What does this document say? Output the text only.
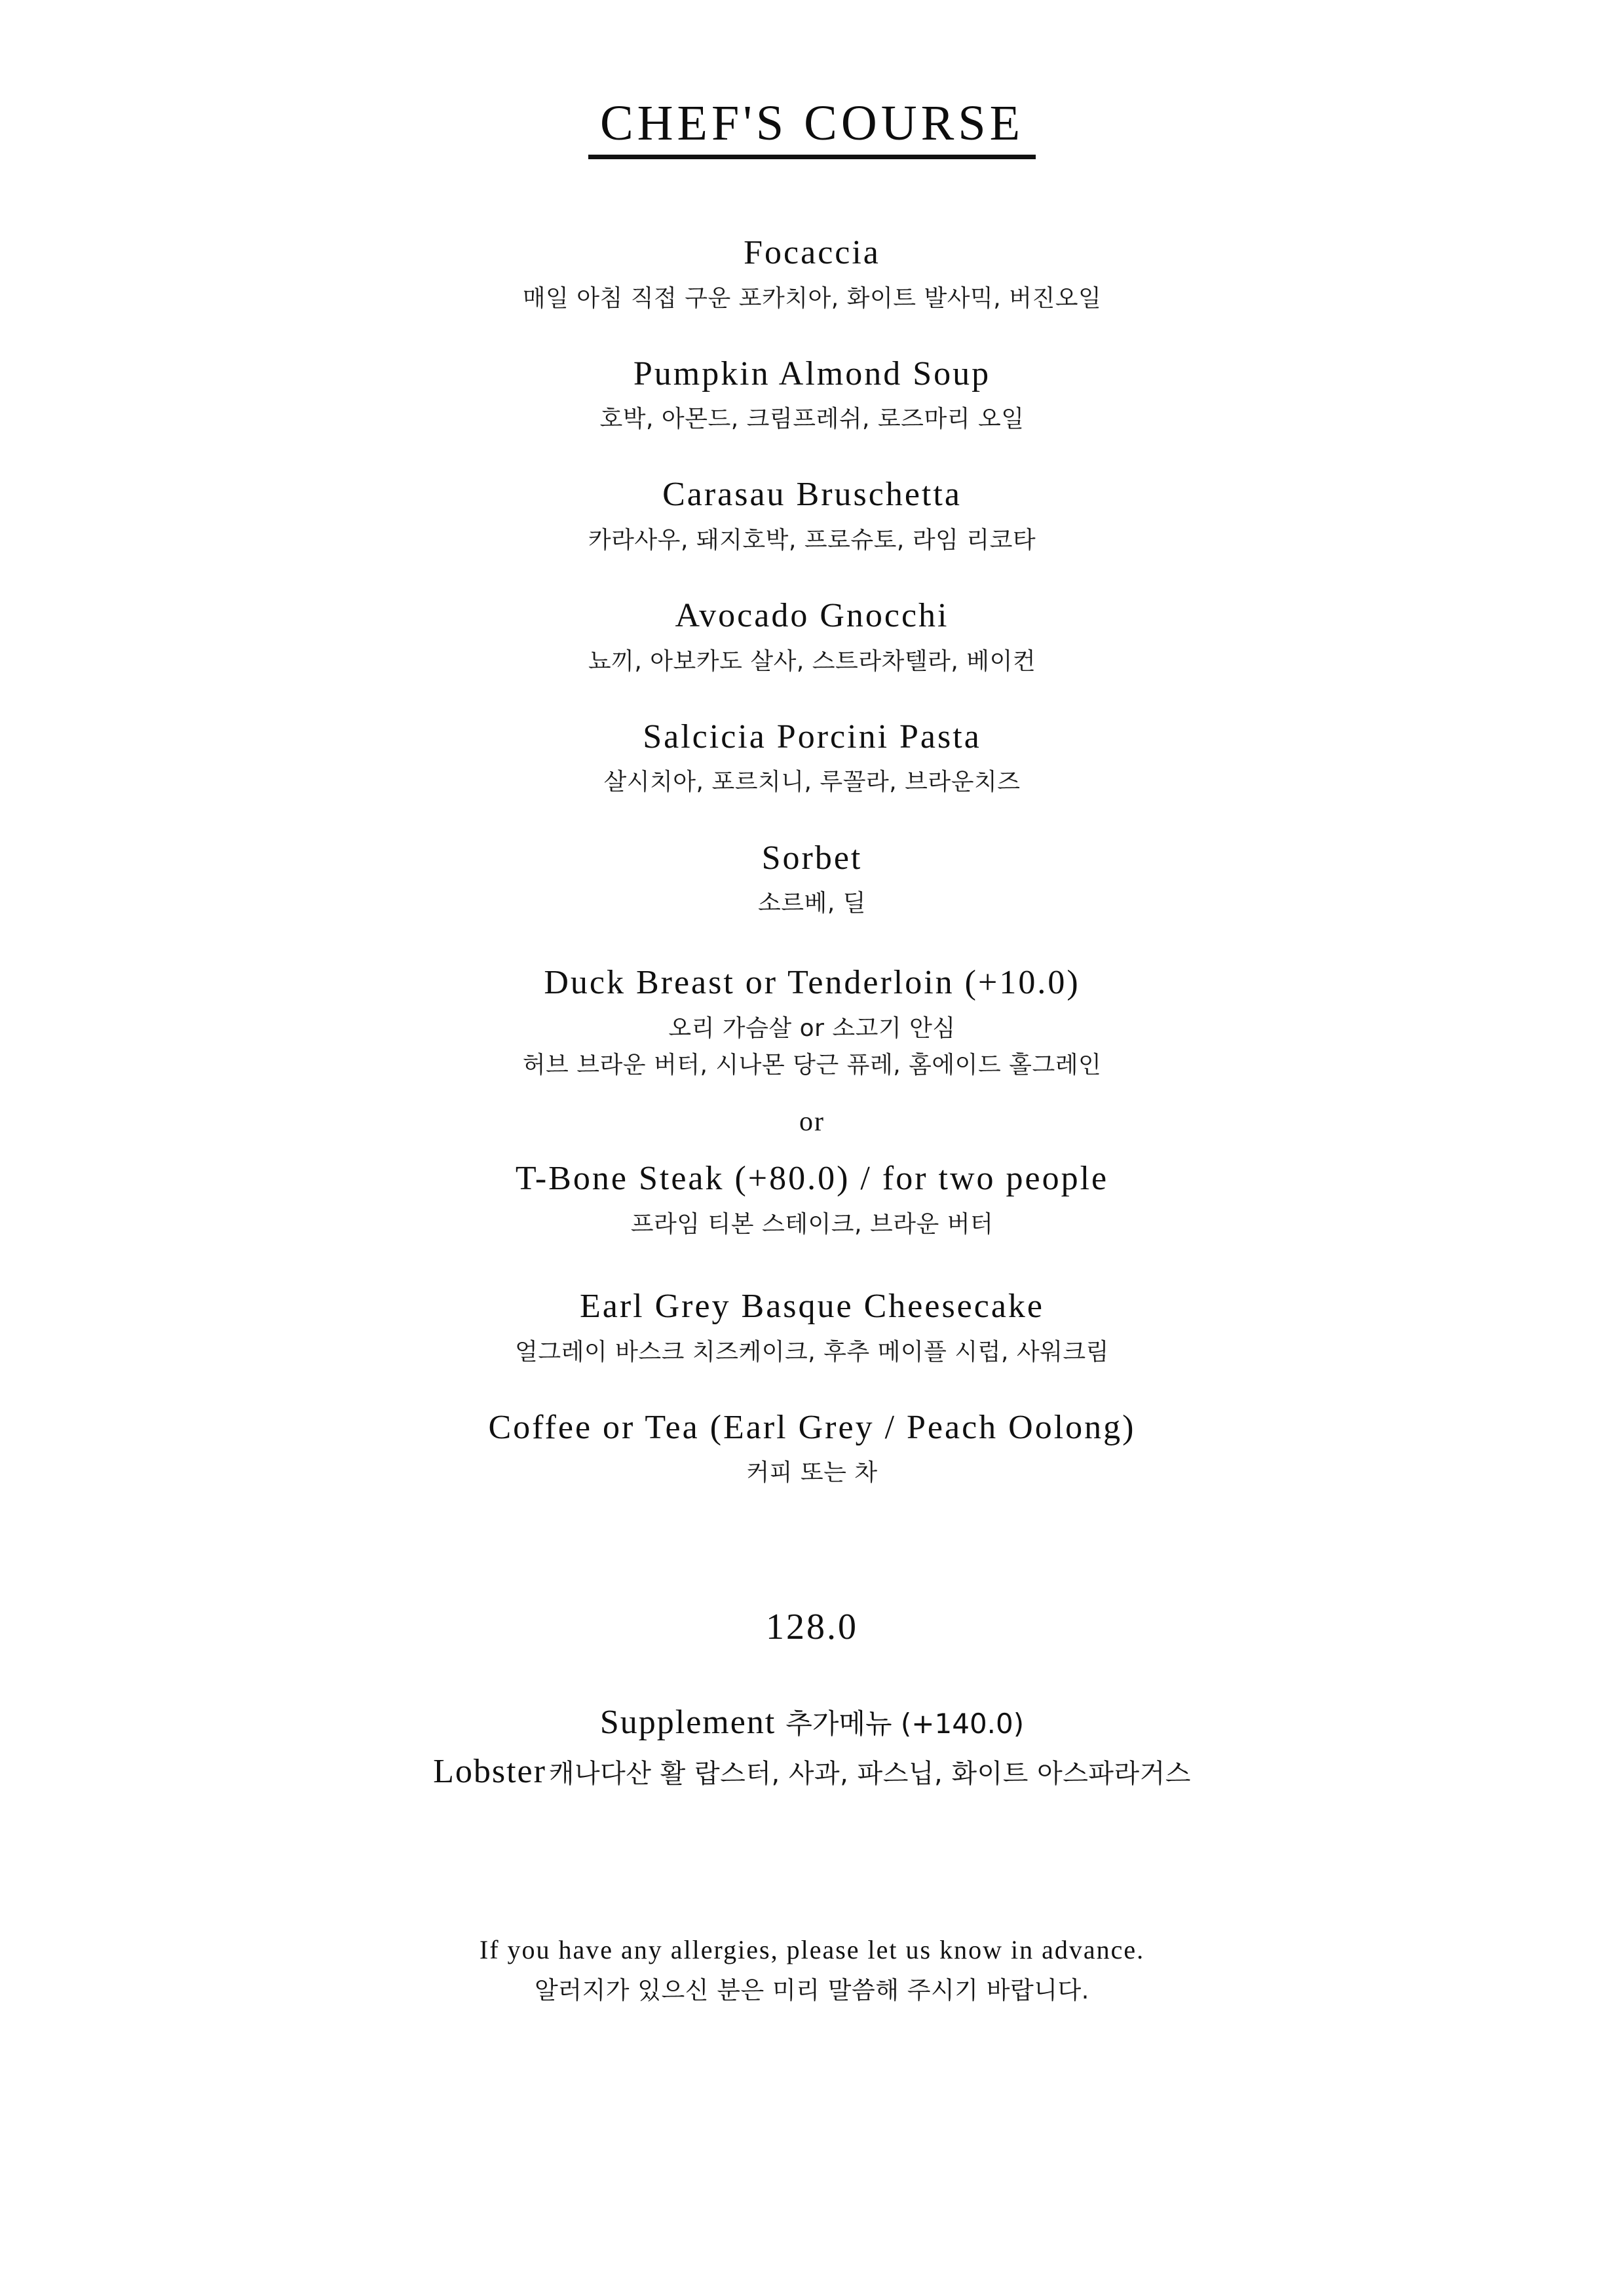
CHEF'S COURSE
Focaccia
매일 아침 직접 구운 포카치아, 화이트 발사믹, 버진오일
Pumpkin Almond Soup
호박, 아몬드, 크림프레쉬, 로즈마리 오일
Carasau Bruschetta
카라사우, 돼지호박, 프로슈토, 라임 리코타
Avocado Gnocchi
뇨끼, 아보카도 살사, 스트라차텔라, 베이컨
Salcicia Porcini Pasta
살시치아, 포르치니, 루꼴라, 브라운치즈
Sorbet
소르베, 딜
Duck Breast or Tenderloin (+10.0)
오리 가슴살 or 소고기 안심
허브 브라운 버터, 시나몬 당근 퓨레, 홈에이드 홀그레인
or
T-Bone Steak (+80.0) / for two people
프라임 티본 스테이크, 브라운 버터
Earl Grey Basque Cheesecake
얼그레이 바스크 치즈케이크, 후추 메이플 시럽, 사워크림
Coffee or Tea (Earl Grey / Peach Oolong)
커피 또는 차
128.0
Supplement 추가메뉴 (+140.0)
Lobster 캐나다산 활 랍스터, 사과, 파스닙, 화이트 아스파라거스
If you have any allergies, please let us know in advance.
알러지가 있으신 분은 미리 말씀해 주시기 바랍니다.
